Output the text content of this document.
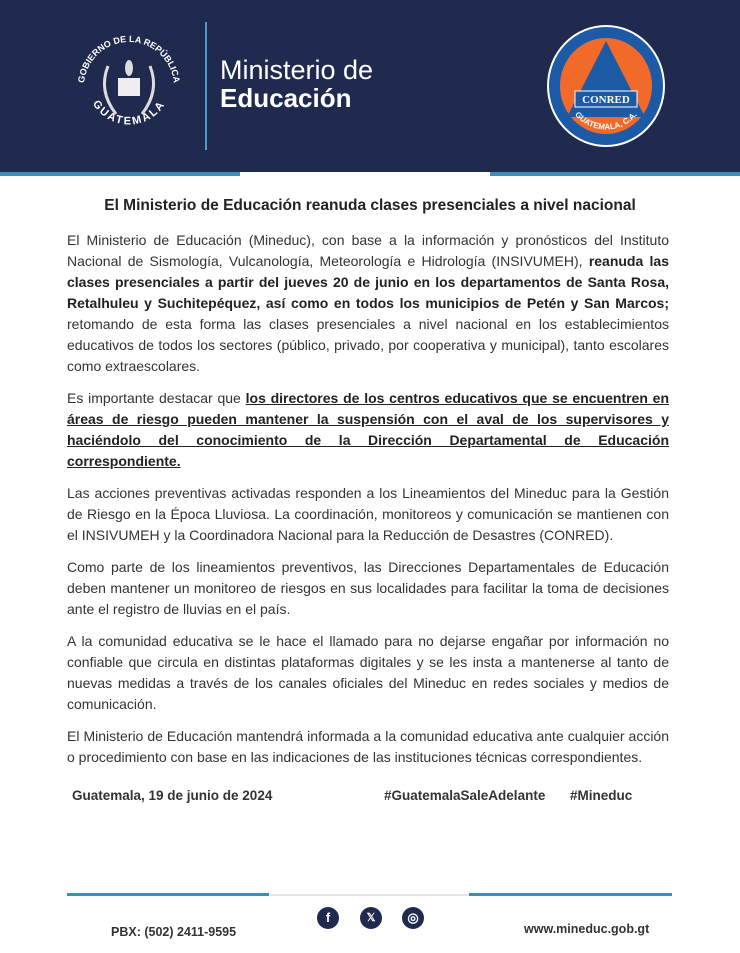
GOBIERNO DE LA REPÚBLICA
GUATEMALA
Ministerio de
Educación	CONRED
GUATEMALA, C.A.
El Ministerio de Educación reanuda clases presenciales a nivel nacional
El Ministerio de Educación (Mineduc), con base a la información y pronósticos del Instituto Nacional de Sismología, Vulcanología, Meteorología e Hidrología (INSIVUMEH), reanuda las clases presenciales a partir del jueves 20 de junio en los departamentos de Santa Rosa, Retalhuleu y Suchitepéquez, así como en todos los municipios de Petén y San Marcos; retomando de esta forma las clases presenciales a nivel nacional en los establecimientos educativos de todos los sectores (público, privado, por cooperativa y municipal), tanto escolares como extraescolares.
Es importante destacar que los directores de los centros educativos que se encuentren en áreas de riesgo pueden mantener la suspensión con el aval de los supervisores y haciéndolo del conocimiento de la Dirección Departamental de Educación correspondiente.
Las acciones preventivas activadas responden a los Lineamientos del Mineduc para la Gestión de Riesgo en la Época Lluviosa. La coordinación, monitoreos y comunicación se mantienen con el INSIVUMEH y la Coordinadora Nacional para la Reducción de Desastres (CONRED).
Como parte de los lineamientos preventivos, las Direcciones Departamentales de Educación deben mantener un monitoreo de riesgos en sus localidades para facilitar la toma de decisiones ante el registro de lluvias en el país.
A la comunidad educativa se le hace el llamado para no dejarse engañar por información no confiable que circula en distintas plataformas digitales y se les insta a mantenerse al tanto de nuevas medidas a través de los canales oficiales del Mineduc en redes sociales y medios de comunicación.
El Ministerio de Educación mantendrá informada a la comunidad educativa ante cualquier acción o procedimiento con base en las indicaciones de las instituciones técnicas correspondientes.
Guatemala, 19 de junio de 2024	#GuatemalaSaleAdelante #Mineduc
f	𝕏	◎
PBX: (502) 2411-9595	www.mineduc.gob.gt
